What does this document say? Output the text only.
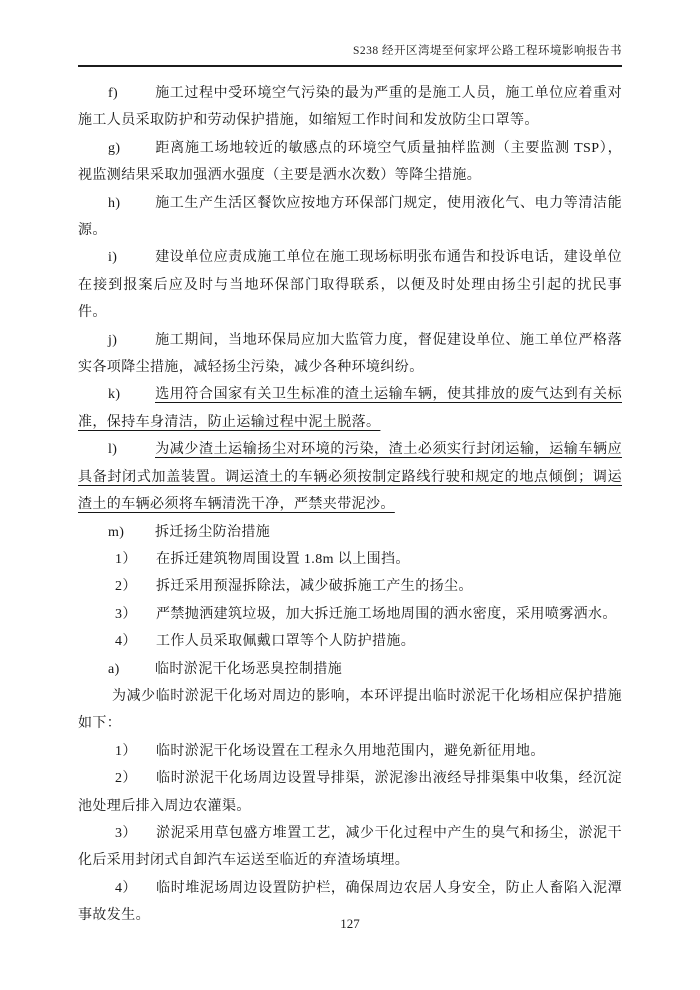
S238 经开区湾堤至何家坪公路工程环境影响报告书

f)	施工过程中受环境空气污染的最为严重的是施工人员，施工单位应着重对施工人员采取防护和劳动保护措施，如缩短工作时间和发放防尘口罩等。

g) 距离施工场地较近的敏感点的环境空气质量抽样监测（主要监测 TSP），视监测结果采取加强洒水强度（主要是洒水次数）等降尘措施。

h) 施工生产生活区餐饮应按地方环保部门规定，使用液化气、电力等清洁能源。

i)	建设单位应责成施工单位在施工现场标明张布通告和投诉电话，建设单位在接到报案后应及时与当地环保部门取得联系，以便及时处理由扬尘引起的扰民事件。

j)	施工期间，当地环保局应加大监管力度，督促建设单位、施工单位严格落实各项降尘措施，减轻扬尘污染，减少各种环境纠纷。

k) 选用符合国家有关卫生标准的渣土运输车辆，使其排放的废气达到有关标准，保持车身清洁，防止运输过程中泥土脱落。

l)	为减少渣土运输扬尘对环境的污染，渣土必须实行封闭运输，运输车辆应具备封闭式加盖装置。调运渣土的车辆必须按制定路线行驶和规定的地点倾倒；调运渣土的车辆必须将车辆清洗干净，严禁夹带泥沙。

m) 拆迁扬尘防治措施

1） 在拆迁建筑物周围设置 1.8m 以上围挡。

2） 拆迁采用预湿拆除法，减少破拆施工产生的扬尘。

3） 严禁抛洒建筑垃圾，加大拆迁施工场地周围的洒水密度，采用喷雾洒水。

4） 工作人员采取佩戴口罩等个人防护措施。

a)	临时淤泥干化场恶臭控制措施

为减少临时淤泥干化场对周边的影响，本环评提出临时淤泥干化场相应保护措施如下：

1） 临时淤泥干化场设置在工程永久用地范围内，避免新征用地。

2） 临时淤泥干化场周边设置导排渠，淤泥渗出液经导排渠集中收集，经沉淀池处理后排入周边农灌渠。

3） 淤泥采用草包盛方堆置工艺，减少干化过程中产生的臭气和扬尘，淤泥干化后采用封闭式自卸汽车运送至临近的弃渣场填埋。

4） 临时堆泥场周边设置防护栏，确保周边农居人身安全，防止人畜陷入泥潭事故发生。

127
